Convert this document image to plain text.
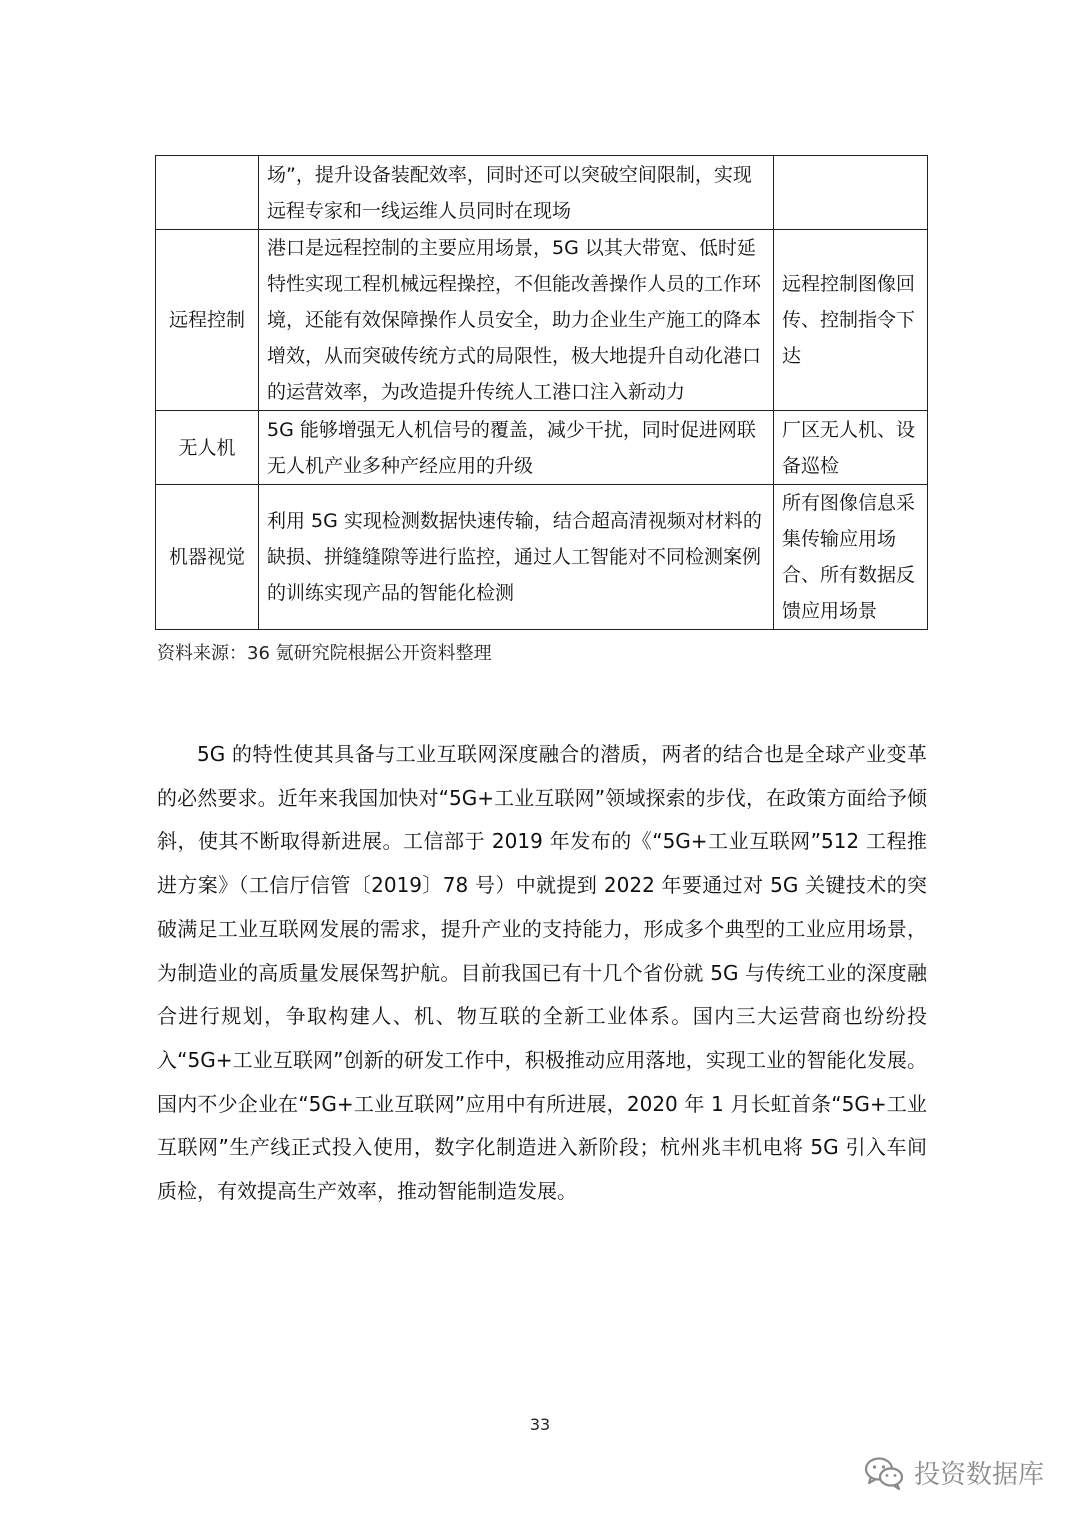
	场”，提升设备装配效率，同时还可以突破空间限制，实现远程专家和一线运维人员同时在现场	
远程控制	港口是远程控制的主要应用场景，5G 以其大带宽、低时延特性实现工程机械远程操控，不但能改善操作人员的工作环境，还能有效保障操作人员安全，助力企业生产施工的降本增效，从而突破传统方式的局限性，极大地提升自动化港口的运营效率，为改造提升传统人工港口注入新动力	远程控制图像回传、控制指令下达
无人机	5G 能够增强无人机信号的覆盖，减少干扰，同时促进网联无人机产业多种产经应用的升级	厂区无人机、设备巡检
机器视觉	利用 5G 实现检测数据快速传输，结合超高清视频对材料的缺损、拼缝缝隙等进行监控，通过人工智能对不同检测案例的训练实现产品的智能化检测	所有图像信息采集传输应用场合、所有数据反馈应用场景
资料来源：36 氪研究院根据公开资料整理

5G 的特性使其具备与工业互联网深度融合的潜质，两者的结合也是全球产业变革的必然要求。近年来我国加快对“5G+工业互联网”领域探索的步伐，在政策方面给予倾斜，使其不断取得新进展。工信部于 2019 年发布的《“5G+工业互联网”512 工程推进方案》（工信厅信管〔2019〕78 号）中就提到 2022 年要通过对 5G 关键技术的突破满足工业互联网发展的需求，提升产业的支持能力，形成多个典型的工业应用场景，为制造业的高质量发展保驾护航。目前我国已有十几个省份就 5G 与传统工业的深度融合进行规划，争取构建人、机、物互联的全新工业体系。国内三大运营商也纷纷投入“5G+工业互联网”创新的研发工作中，积极推动应用落地，实现工业的智能化发展。国内不少企业在“5G+工业互联网”应用中有所进展，2020 年 1 月长虹首条“5G+工业互联网”生产线正式投入使用，数字化制造进入新阶段；杭州兆丰机电将 5G 引入车间质检，有效提高生产效率，推动智能制造发展。

33
投资数据库
